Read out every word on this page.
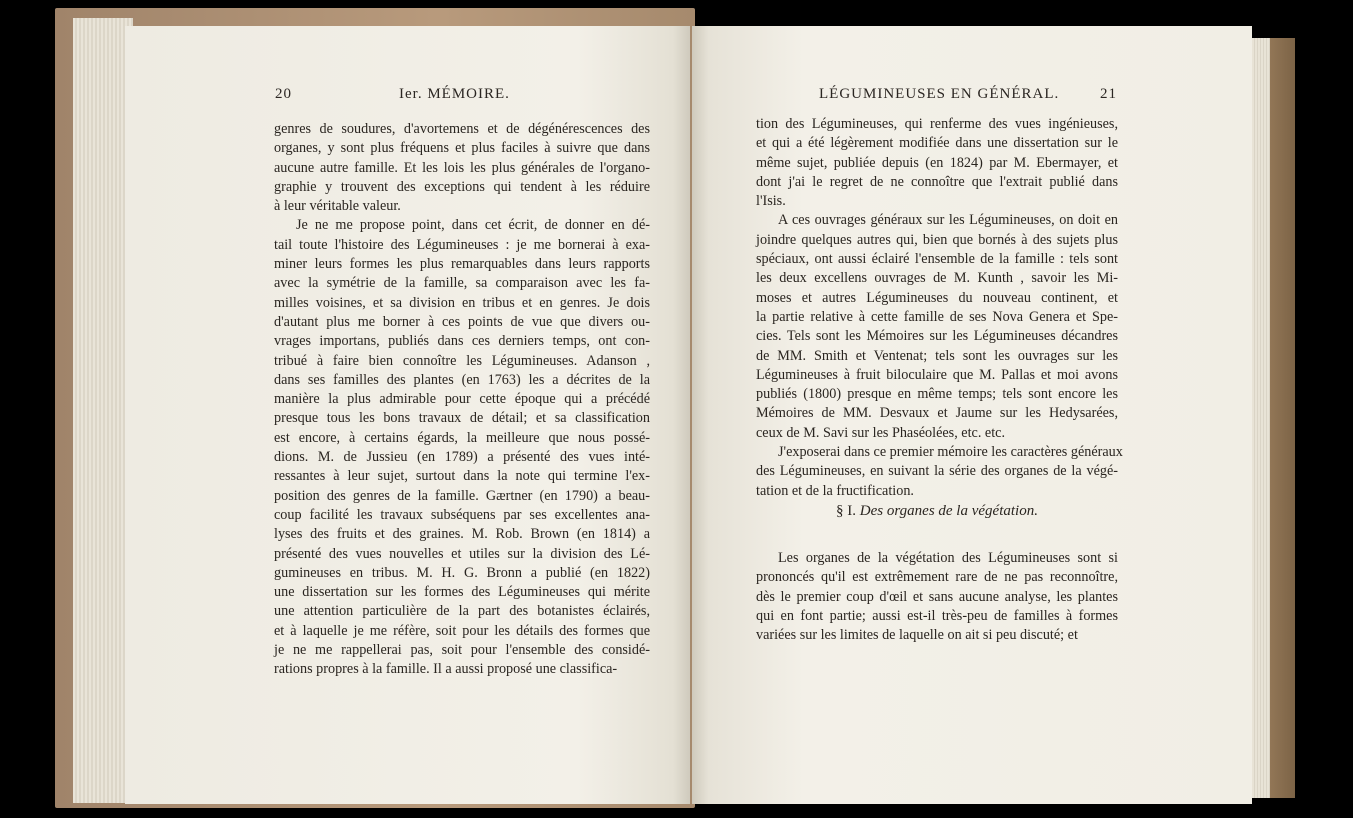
20	Ier. MÉMOIRE.
genres de soudures, d'avortemens et de dégénérescences des
organes, y sont plus fréquens et plus faciles à suivre que dans
aucune autre famille. Et les lois les plus générales de l'organo-
graphie y trouvent des exceptions qui tendent à les réduire
à leur véritable valeur.
Je ne me propose point, dans cet écrit, de donner en dé-
tail toute l'histoire des Légumineuses : je me bornerai à exa-
miner leurs formes les plus remarquables dans leurs rapports
avec la symétrie de la famille, sa comparaison avec les fa-
milles voisines, et sa division en tribus et en genres. Je dois
d'autant plus me borner à ces points de vue que divers ou-
vrages importans, publiés dans ces derniers temps, ont con-
tribué à faire bien connoître les Légumineuses. Adanson ,
dans ses familles des plantes (en 1763) les a décrites de la
manière la plus admirable pour cette époque qui a précédé
presque tous les bons travaux de détail; et sa classification
est encore, à certains égards, la meilleure que nous possé-
dions. M. de Jussieu (en 1789) a présenté des vues inté-
ressantes à leur sujet, surtout dans la note qui termine l'ex-
position des genres de la famille. Gærtner (en 1790) a beau-
coup facilité les travaux subséquens par ses excellentes ana-
lyses des fruits et des graines. M. Rob. Brown (en 1814) a
présenté des vues nouvelles et utiles sur la division des Lé-
gumineuses en tribus. M. H. G. Bronn a publié (en 1822)
une dissertation sur les formes des Légumineuses qui mérite
une attention particulière de la part des botanistes éclairés,
et à laquelle je me réfère, soit pour les détails des formes que
je ne me rappellerai pas, soit pour l'ensemble des considé-
rations propres à la famille. Il a aussi proposé une classifica-
LÉGUMINEUSES EN GÉNÉRAL.	21
tion des Légumineuses, qui renferme des vues ingénieuses,
et qui a été légèrement modifiée dans une dissertation sur le
même sujet, publiée depuis (en 1824) par M. Ebermayer, et
dont j'ai le regret de ne connoître que l'extrait publié dans
l'Isis.
A ces ouvrages généraux sur les Légumineuses, on doit en
joindre quelques autres qui, bien que bornés à des sujets plus
spéciaux, ont aussi éclairé l'ensemble de la famille : tels sont
les deux excellens ouvrages de M. Kunth , savoir les Mi-
moses et autres Légumineuses du nouveau continent, et
la partie relative à cette famille de ses Nova Genera et Spe-
cies. Tels sont les Mémoires sur les Légumineuses décandres
de MM. Smith et Ventenat; tels sont les ouvrages sur les
Légumineuses à fruit biloculaire que M. Pallas et moi avons
publiés (1800) presque en même temps; tels sont encore les
Mémoires de MM. Desvaux et Jaume sur les Hedysarées,
ceux de M. Savi sur les Phaséolées, etc. etc.
J'exposerai dans ce premier mémoire les caractères généraux
des Légumineuses, en suivant la série des organes de la végé-
tation et de la fructification.
§ I. Des organes de la végétation.
Les organes de la végétation des Légumineuses sont si
prononcés qu'il est extrêmement rare de ne pas reconnoître,
dès le premier coup d'œil et sans aucune analyse, les plantes
qui en font partie; aussi est-il très-peu de familles à formes
variées sur les limites de laquelle on ait si peu discuté; et
